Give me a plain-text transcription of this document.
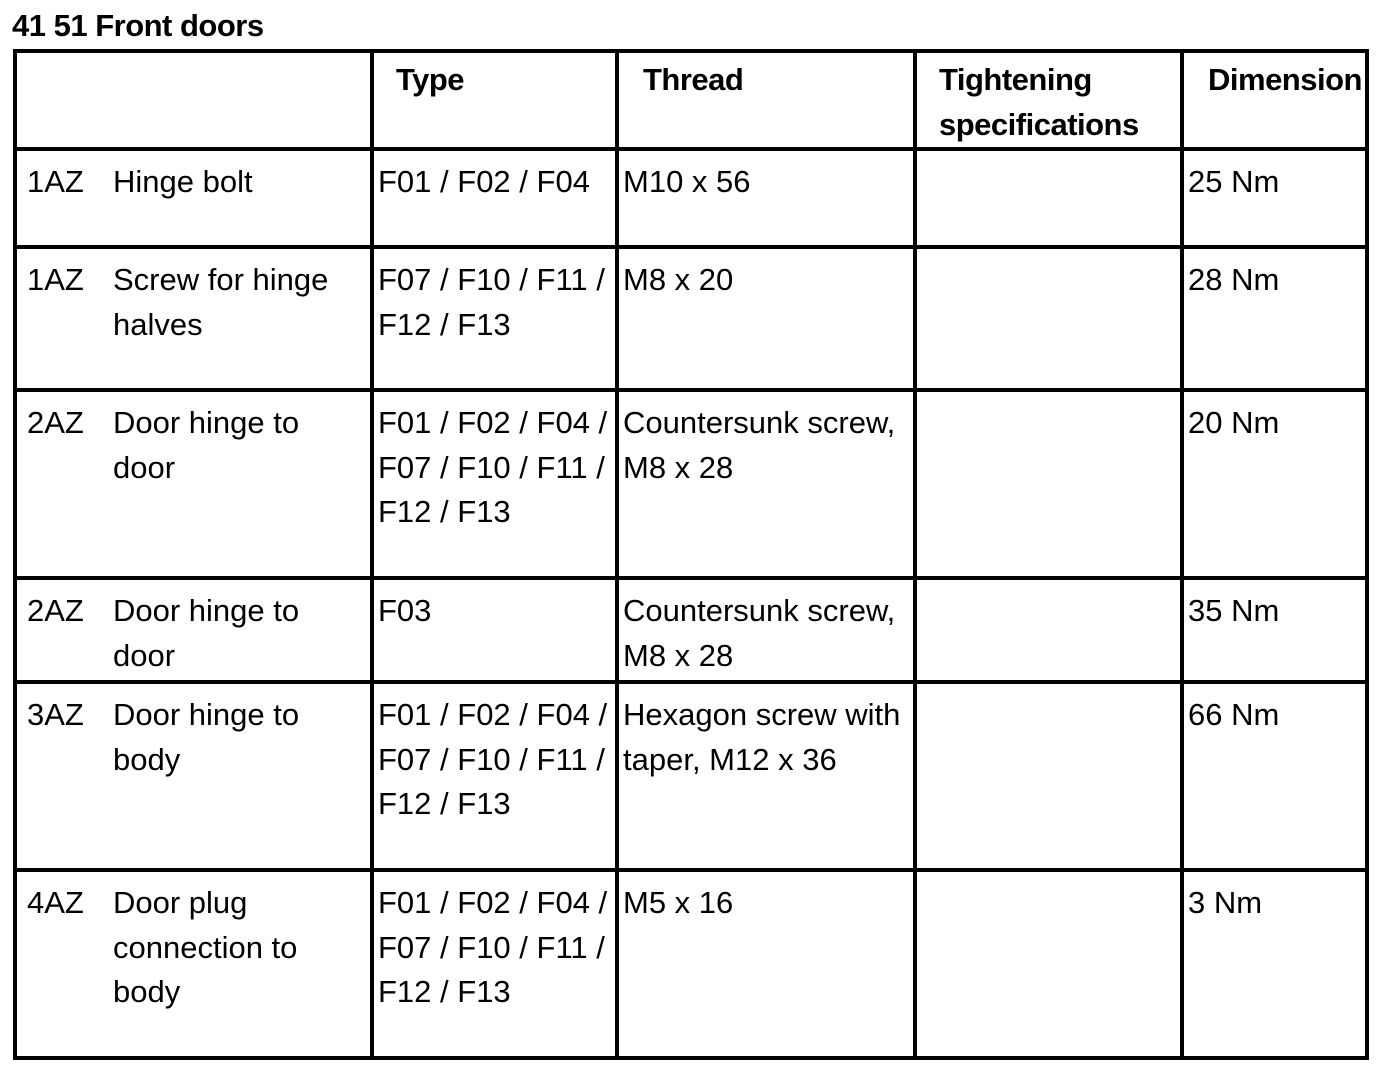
41 51 Front doors
	Type	Thread	Tightening specifications	Dimension

1AZ Hinge bolt	F01 / F02 / F04	M10 x 56		25 Nm

1AZ Screw for hinge halves	F07 / F10 / F11 / F12 / F13	M8 x 20		28 Nm

2AZ Door hinge to door	F01 / F02 / F04 / F07 / F10 / F11 / F12 / F13	Countersunk screw, M8 x 28		20 Nm

2AZ Door hinge to door	F03	Countersunk screw, M8 x 28		35 Nm

3AZ Door hinge to body	F01 / F02 / F04 / F07 / F10 / F11 / F12 / F13	Hexagon screw with taper, M12 x 36		66 Nm

4AZ Door plug connection to body	F01 / F02 / F04 / F07 / F10 / F11 / F12 / F13	M5 x 16		3 Nm
